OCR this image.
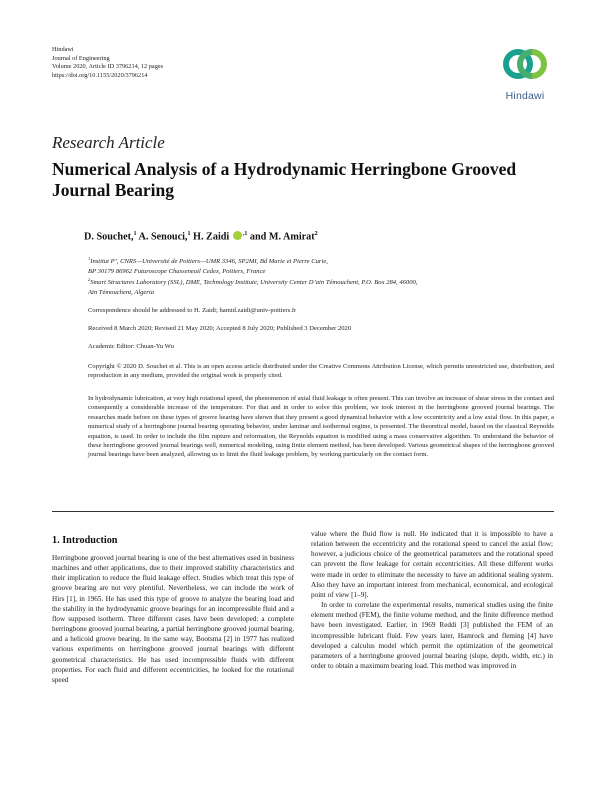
Hindawi
Journal of Engineering
Volume 2020, Article ID 3796214, 12 pages
https://doi.org/10.1155/2020/3796214
Hindawi
Research Article
Numerical Analysis of a Hydrodynamic Herringbone Grooved Journal Bearing
D. Souchet,$^1$ A. Senouci,$^1$ H. Zaidi $^{,1}$ and M. Amirat$^2$
$^1$Institut P’, CNRS—Université de Poitiers—UMR 3346, SP2MI, Bd Marie et Pierre Curie,
BP 30179 86962 Futuroscope Chasseneuil Cedex, Poitiers, France
$^2$Smart Structures Laboratory (SSL), DME, Technology Institute, University Center D’ain Témouchent, P.O. Box 284, 46000,
Aïn Témouchent, Algeria
Correspondence should be addressed to H. Zaidi; hamid.zaidi@univ-poitiers.fr
Received 8 March 2020; Revised 21 May 2020; Accepted 8 July 2020; Published 3 December 2020
Academic Editor: Chuan-Yu Wu
Copyright © 2020 D. Souchet et al. This is an open access article distributed under the Creative Commons Attribution License, which permits unrestricted use, distribution, and reproduction in any medium, provided the original work is properly cited.
In hydrodynamic lubrication, at very high rotational speed, the phenomenon of axial fluid leakage is often present. This can involve an increase of shear stress in the contact and consequently a considerable increase of the temperature. For that and in order to solve this problem, we took interest in the herringbone grooved journal bearings. The researches made before on these types of groove bearing have shown that they present a good dynamical behavior with a low eccentricity and a low axial flow. In this paper, a numerical study of a herringbone journal bearing operating behavior, under laminar and isothermal regime, is presented. The theoretical model, based on the classical Reynolds equation, is used. In order to include the film rupture and reformation, the Reynolds equation is modified using a mass conservative algorithm. To understand the behavior of these herringbone grooved journal bearings well, numerical modeling, using finite element method, has been developed. Various geometrical shapes of the herringbone grooved journal bearings have been analyzed, allowing us to limit the fluid leakage problem, by working particularly on the contact form.
1. Introduction

Herringbone grooved journal bearing is one of the best alternatives used in business machines and other applications, due to their improved stability characteristics and their implication to reduce the fluid leakage effect. Studies which treat this type of groove bearing are not very plentiful. Nevertheless, we can include the work of Hirs [1], in 1965. He has used this type of groove to analyze the bearing load and the stability in the hydrodynamic groove bearings for an incompressible fluid and a flow supposed isotherm. Three different cases have been developed: a complete herringbone grooved journal bearing, a partial herringbone grooved journal bearing, and a helicoid groove bearing. In the same way, Bootsma [2] in 1977 has realized various experiments on herringbone grooved journal bearings with different geometrical characteristics. He has used incompressible fluids with different properties. For each fluid and different eccentricities, he looked for the rotational speed

value where the fluid flow is null. He indicated that it is impossible to have a relation between the eccentricity and the rotational speed to cancel the axial flow; however, a judicious choice of the geometrical parameters and the rotational speed can prevent the flow leakage for certain eccentricities. All these different works were made in order to eliminate the necessity to have an additional sealing system. Also they have an important interest from mechanical, economical, and ecological point of view [1–9].

In order to correlate the experimental results, numerical studies using the finite element method (FEM), the finite volume method, and the finite difference method have been investigated. Earlier, in 1969 Reddi [3] published the FEM of an incompressible lubricant fluid. Few years later, Hamrock and fleming [4] have developed a calculus model which permit the optimization of the geometrical parameters of a herringbone grooved journal bearing (slope, depth, width, etc.) in order to obtain a maximum bearing load. This method was improved in
